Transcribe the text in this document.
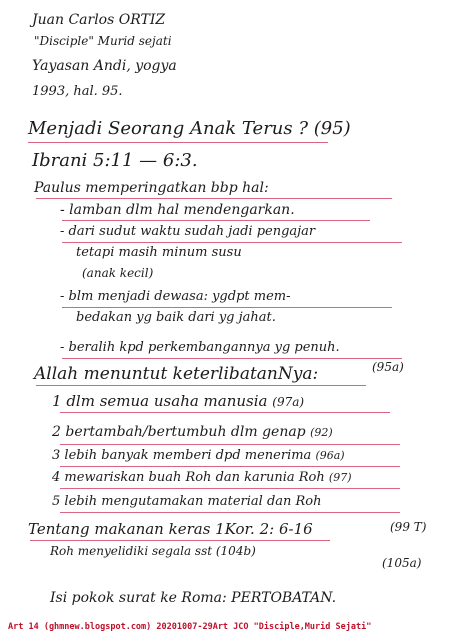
Juan Carlos ORTIZ
"Disciple" Murid sejati
Yayasan Andi, yogya
1993, hal. 95.
Menjadi Seorang Anak Terus ? (95)
Ibrani 5:11 — 6:3.
Paulus memperingatkan bbp hal:
- lamban dlm hal mendengarkan.
- dari sudut waktu sudah jadi pengajar
tetapi masih minum susu
(anak kecil)
- blm menjadi dewasa: ygdpt mem-
bedakan yg baik dari yg jahat.
- beralih kpd perkembangannya yg penuh.
(95a)
Allah menuntut keterlibatanNya:
1 dlm semua usaha manusia (97a)
2 bertambah/bertumbuh dlm genap (92)
3 lebih banyak memberi dpd menerima (96a)
4 mewariskan buah Roh dan karunia Roh (97)
5 lebih mengutamakan material dan Roh
Tentang makanan keras 1Kor. 2: 6-16	(99 T)
Roh menyelidiki segala sst (104b)
(105a)
Isi pokok surat ke Roma: PERTOBATAN.
Art 14 (ghmnew.blogspot.com) 20201007-29Art JCO "Disciple,Murid Sejati"
